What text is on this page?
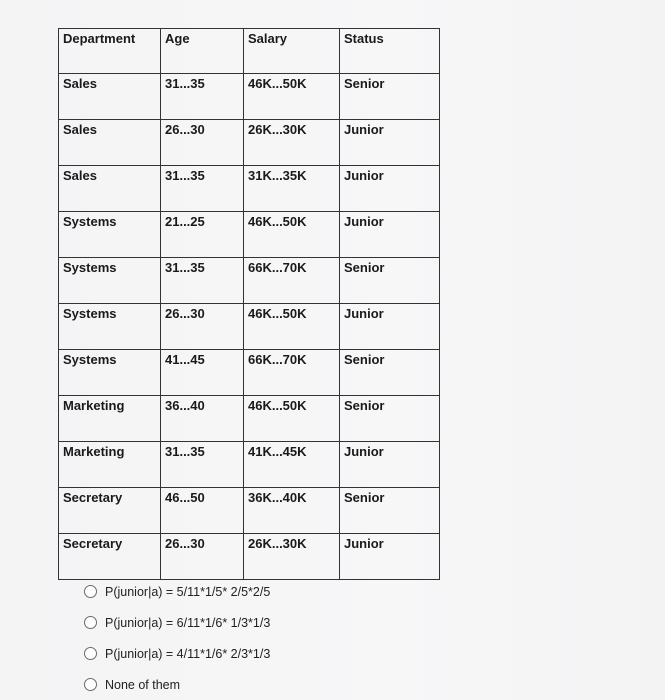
Department	Age	Salary	Status
Sales	31...35	46K...50K	Senior
Sales	26...30	26K...30K	Junior
Sales	31...35	31K...35K	Junior
Systems	21...25	46K...50K	Junior
Systems	31...35	66K...70K	Senior
Systems	26...30	46K...50K	Junior
Systems	41...45	66K...70K	Senior
Marketing	36...40	46K...50K	Senior
Marketing	31...35	41K...45K	Junior
Secretary	46...50	36K...40K	Senior
Secretary	26...30	26K...30K	Junior
P(junior|a) = 5/11*1/5* 2/5*2/5
P(junior|a) = 6/11*1/6* 1/3*1/3
P(junior|a) = 4/11*1/6* 2/3*1/3
None of them
